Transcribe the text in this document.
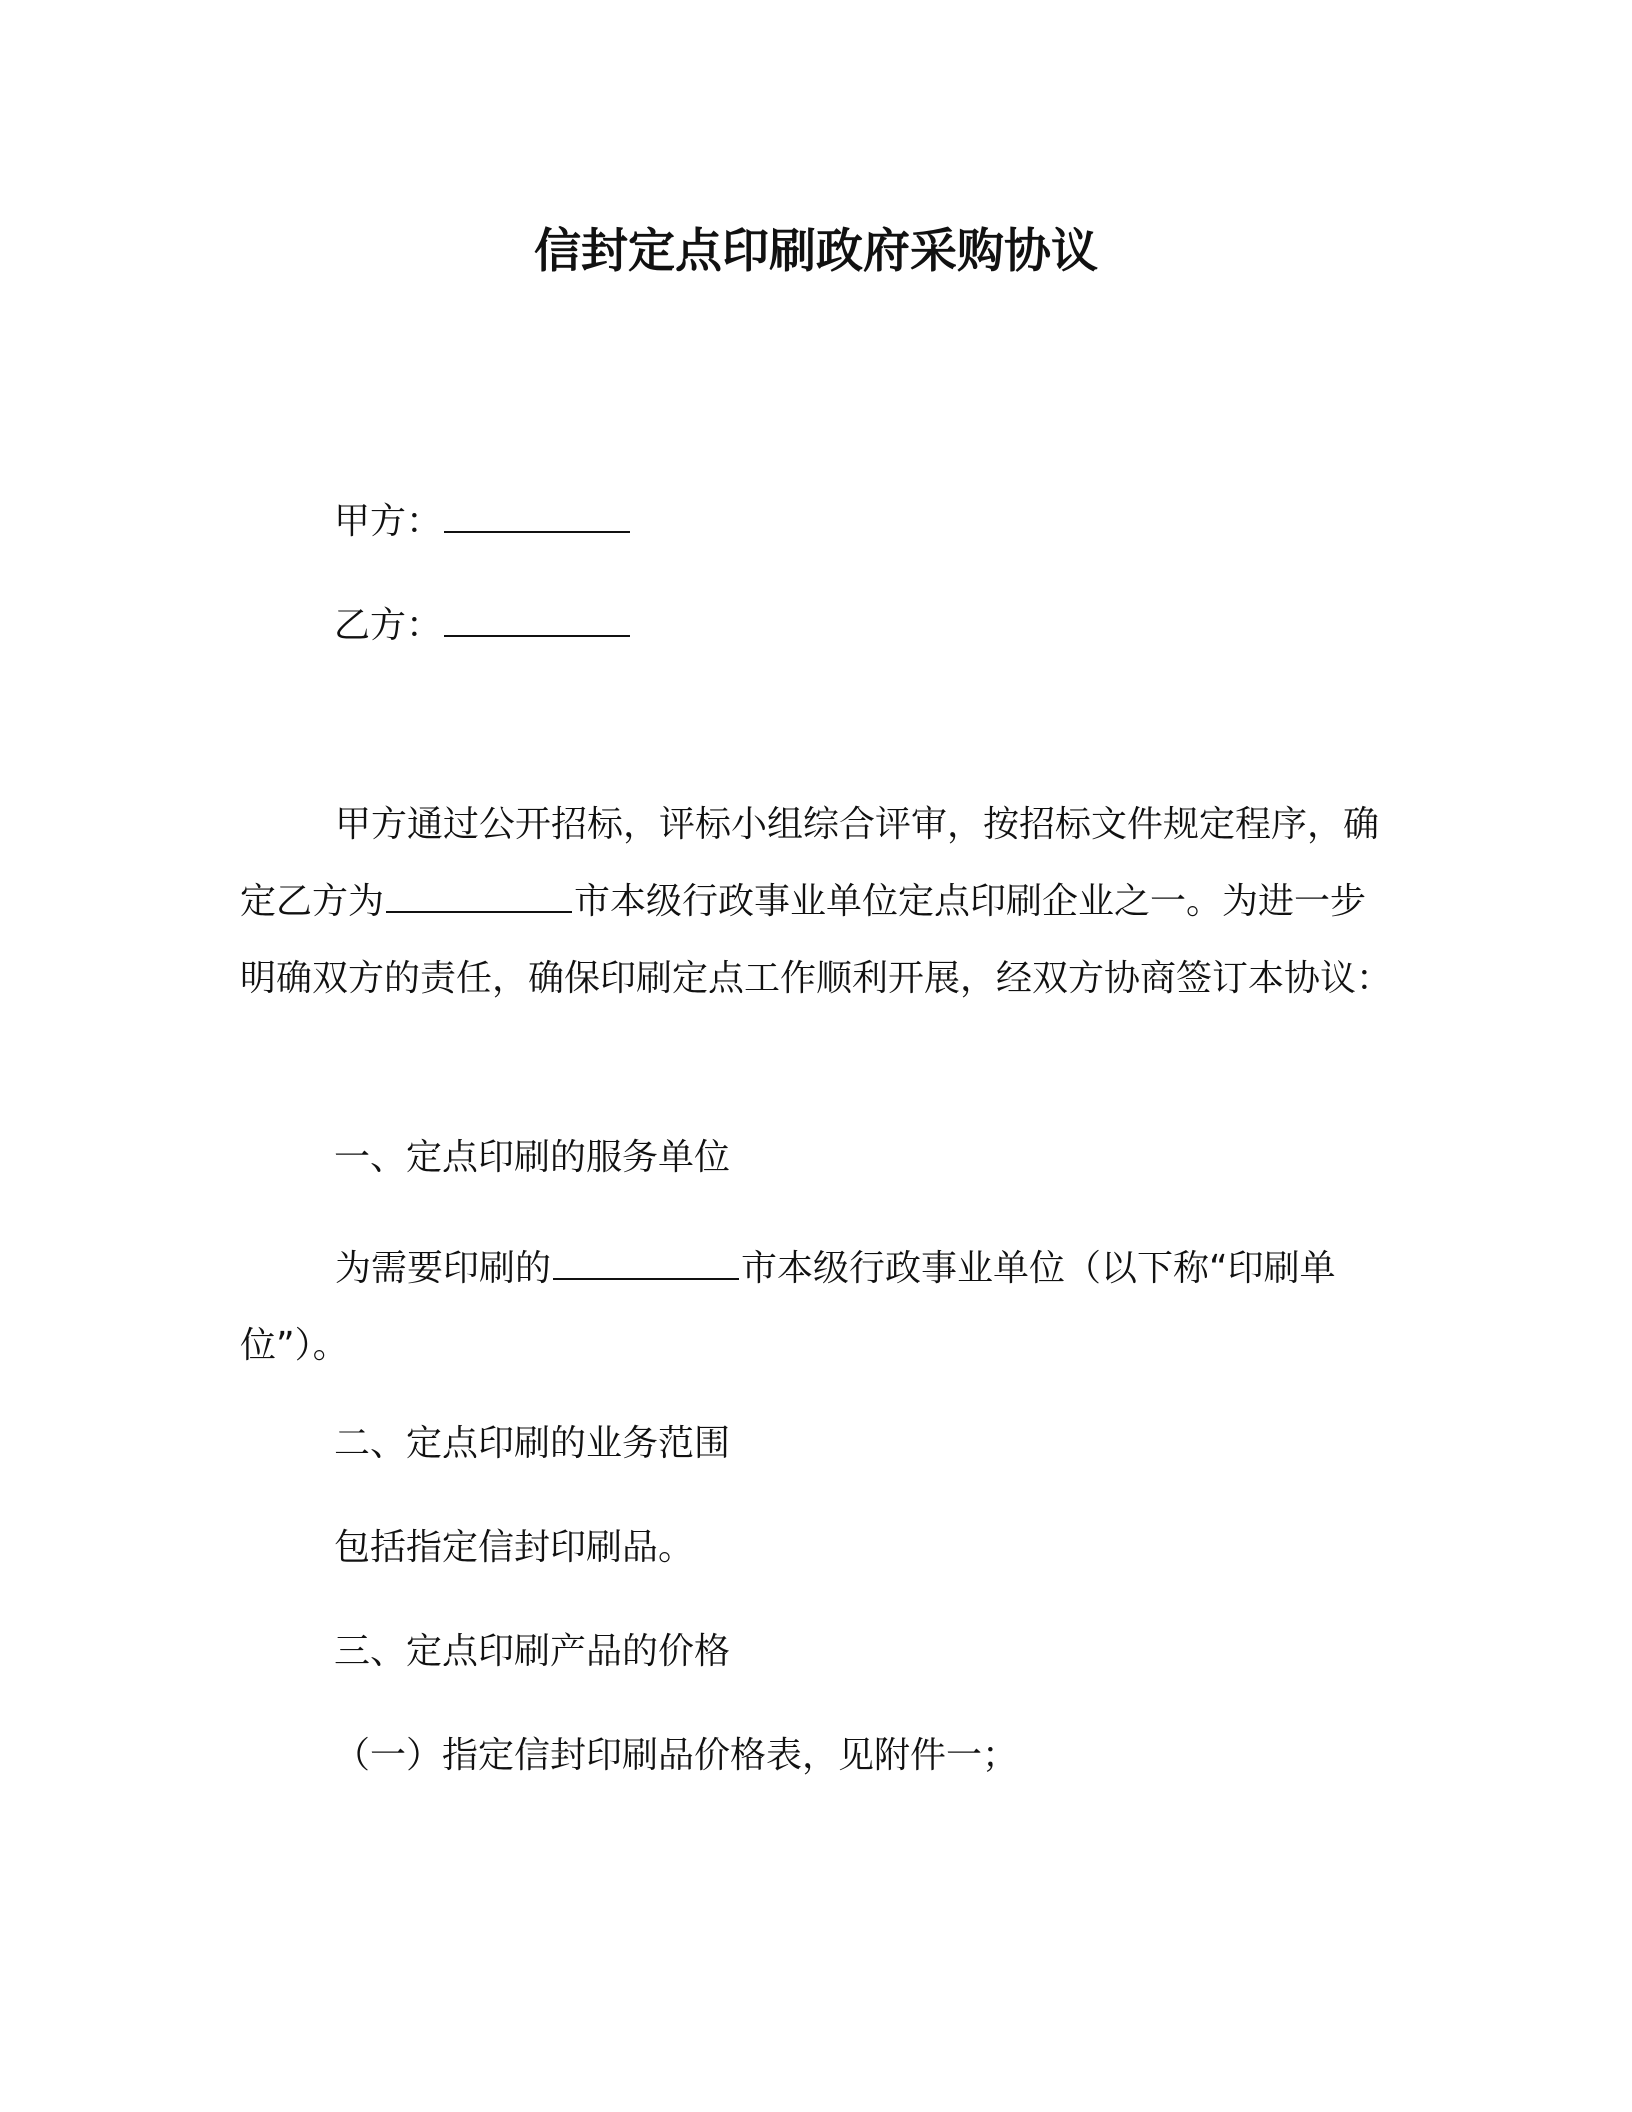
信封定点印刷政府采购协议
甲方：
乙方：
甲方通过公开招标，评标小组综合评审，按招标文件规定程序，确定乙方为	市本级行政事业单位定点印刷企业之一。为进一步明确双方的责任，确保印刷定点工作顺利开展，经双方协商签订本协议：
一、定点印刷的服务单位
为需要印刷的	市本级行政事业单位（以下称“印刷单位”）。
二、定点印刷的业务范围
包括指定信封印刷品。
三、定点印刷产品的价格
（一）指定信封印刷品价格表，见附件一；
